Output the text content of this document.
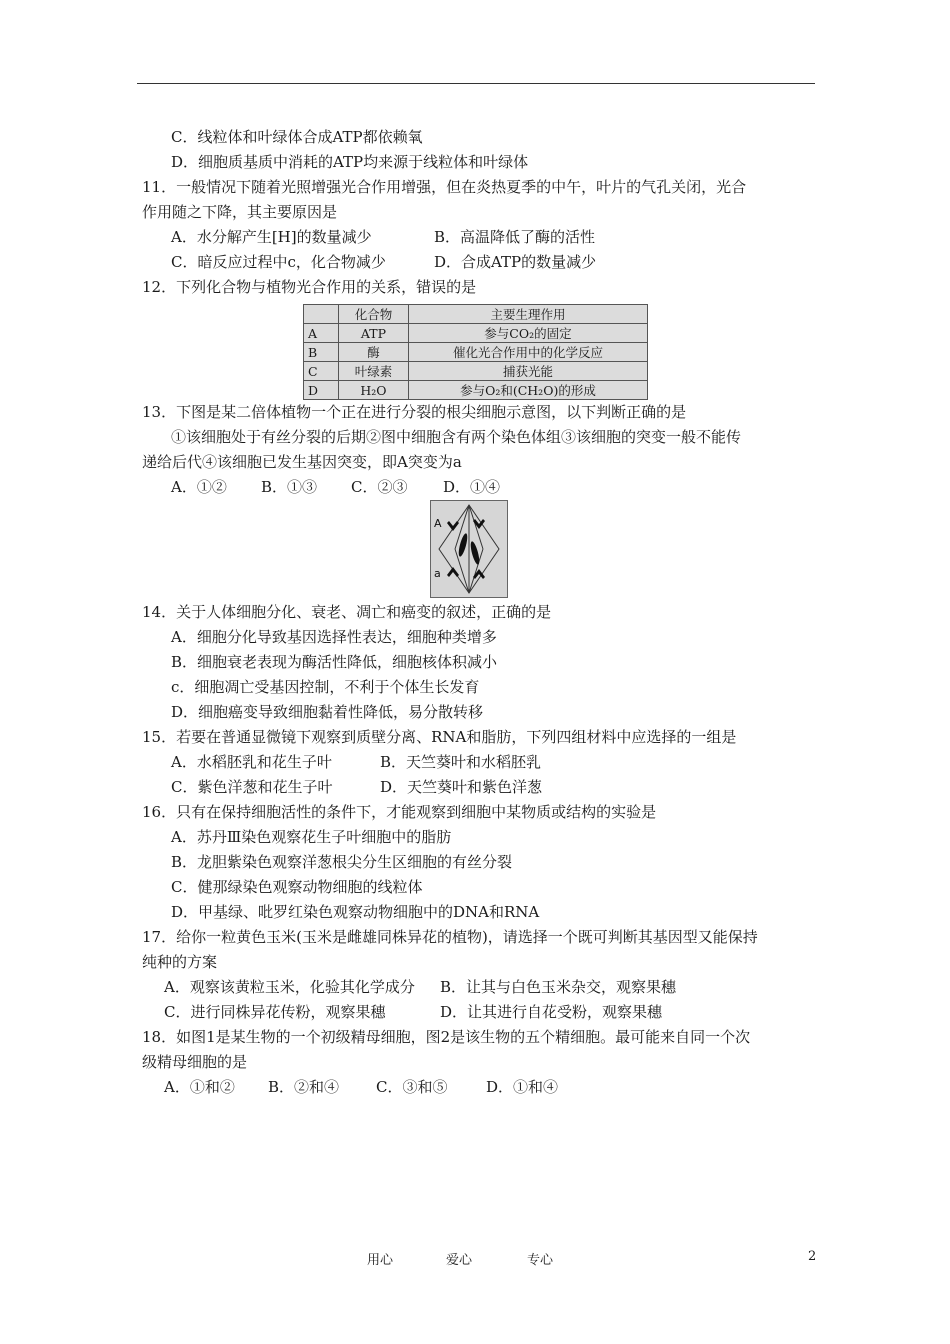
C．线粒体和叶绿体合成ATP都依赖氧
D．细胞质基质中消耗的ATP均来源于线粒体和叶绿体
11．一般情况下随着光照增强光合作用增强，但在炎热夏季的中午，叶片的气孔关闭，光合
作用随之下降，其主要原因是
A．水分解产生[H]的数量减少	B．高温降低了酶的活性
C．暗反应过程中c，化合物减少	D．合成ATP的数量减少
12．下列化合物与植物光合作用的关系，错误的是
	化合物	主要生理作用
A	ATP	参与CO₂的固定
B	酶	催化光合作用中的化学反应
C	叶绿素	捕获光能
D	H₂O	参与O₂和(CH₂O)的形成
13．下图是某二倍体植物一个正在进行分裂的根尖细胞示意图，以下判断正确的是
①该细胞处于有丝分裂的后期②图中细胞含有两个染色体组③该细胞的突变一般不能传
递给后代④该细胞已发生基因突变，即A突变为a
A．①② B．①③ C．②③ D．①④
A
a
14．关于人体细胞分化、衰老、凋亡和癌变的叙述，正确的是
A．细胞分化导致基因选择性表达，细胞种类增多
B．细胞衰老表现为酶活性降低，细胞核体积减小
c．细胞凋亡受基因控制，不利于个体生长发育
D．细胞癌变导致细胞黏着性降低，易分散转移
15．若要在普通显微镜下观察到质壁分离、RNA和脂肪，下列四组材料中应选择的一组是
A．水稻胚乳和花生子叶	B．天竺葵叶和水稻胚乳
C．紫色洋葱和花生子叶	D．天竺葵叶和紫色洋葱
16．只有在保持细胞活性的条件下，才能观察到细胞中某物质或结构的实验是
A．苏丹Ⅲ染色观察花生子叶细胞中的脂肪
B．龙胆紫染色观察洋葱根尖分生区细胞的有丝分裂
C．健那绿染色观察动物细胞的线粒体
D．甲基绿、吡罗红染色观察动物细胞中的DNA和RNA
17．给你一粒黄色玉米(玉米是雌雄同株异花的植物)，请选择一个既可判断其基因型又能保持
纯种的方案
A．观察该黄粒玉米，化验其化学成分 B．让其与白色玉米杂交，观察果穗
C．进行同株异花传粉，观察果穗	D．让其进行自花受粉，观察果穗
18．如图1是某生物的一个初级精母细胞，图2是该生物的五个精细胞。最可能来自同一个次
级精母细胞的是
A．①和② B．②和④ C．③和⑤	D．①和④
用心	爱心	专心	2
